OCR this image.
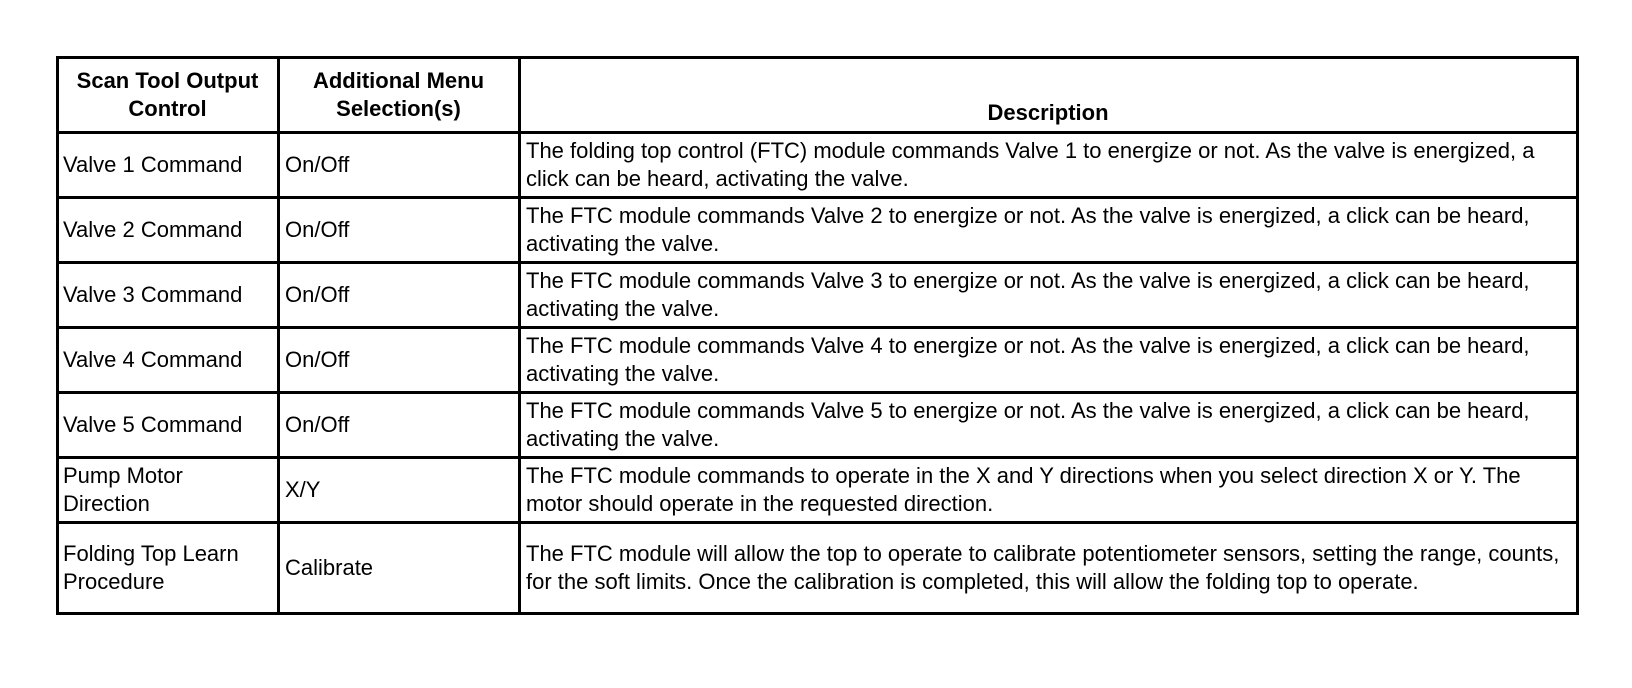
Scan Tool Output Control	Additional Menu Selection(s)	Description
Valve 1 Command	On/Off	The folding top control (FTC) module commands Valve 1 to energize or not. As the valve is energized, a click can be heard, activating the valve.
Valve 2 Command	On/Off	The FTC module commands Valve 2 to energize or not. As the valve is energized, a click can be heard, activating the valve.
Valve 3 Command	On/Off	The FTC module commands Valve 3 to energize or not. As the valve is energized, a click can be heard, activating the valve.
Valve 4 Command	On/Off	The FTC module commands Valve 4 to energize or not. As the valve is energized, a click can be heard, activating the valve.
Valve 5 Command	On/Off	The FTC module commands Valve 5 to energize or not. As the valve is energized, a click can be heard, activating the valve.
Pump Motor Direction	X/Y	The FTC module commands to operate in the X and Y directions when you select direction X or Y. The motor should operate in the requested direction.
Folding Top Learn Procedure	Calibrate	The FTC module will allow the top to operate to calibrate potentiometer sensors, setting the range, counts, for the soft limits. Once the calibration is completed, this will allow the folding top to operate.
